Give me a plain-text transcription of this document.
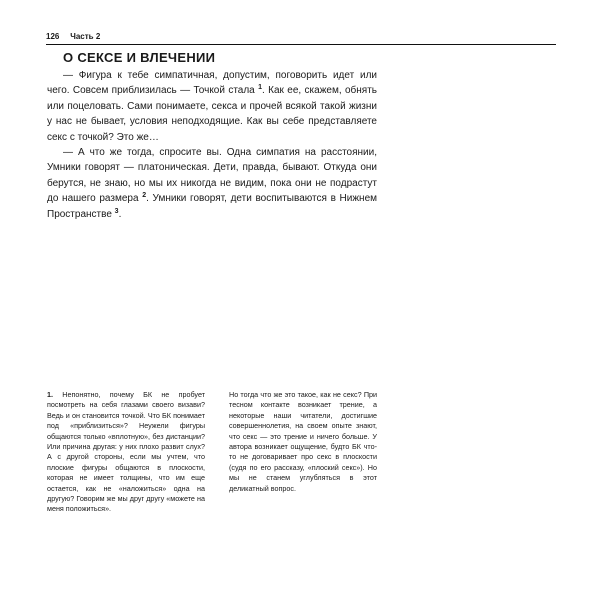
126 Часть 2
О СЕКСЕ И ВЛЕЧЕНИИ

— Фигура к тебе симпатичная, допустим, поговорить идет или чего. Совсем приблизилась — Точкой стала $^1$. Как ее, скажем, обнять или поцеловать. Сами понимаете, секса и прочей всякой такой жизни у нас не бывает, условия неподходящие. Как вы себе представляете секс с точкой? Это же…

— А что же тогда, спросите вы. Одна симпатия на расстоянии, Умники говорят — платоническая. Дети, правда, бывают. Откуда они берутся, не знаю, но мы их никогда не видим, пока они не подрастут до нашего размера $^2$. Умники говорят, дети воспитываются в Нижнем Пространстве $^3$.

1. Непонятно, почему БК не пробует посмотреть на себя глазами своего визави? Ведь и он становится точкой. Что БК понимает под «приблизиться»? Неужели фигуры общаются только «вплотную», без дистанции? Или причина другая: у них плохо развит слух? А с другой стороны, если мы учтем, что плоские фигуры общаются в плоскости, которая не имеет толщины, что им еще остается, как не «наложиться» одна на другую? Говорим же мы друг другу «можете на меня положиться».

Но тогда что же это такое, как не секс? При тесном контакте возникает трение, а некоторые наши читатели, достигшие совершеннолетия, на своем опыте знают, что секс — это трение и ничего больше. У автора возникает ощущение, будто БК что-то не договаривает про секс в плоскости (судя по его рассказу, «плоский секс»). Но мы не станем углубляться в этот деликатный вопрос.
